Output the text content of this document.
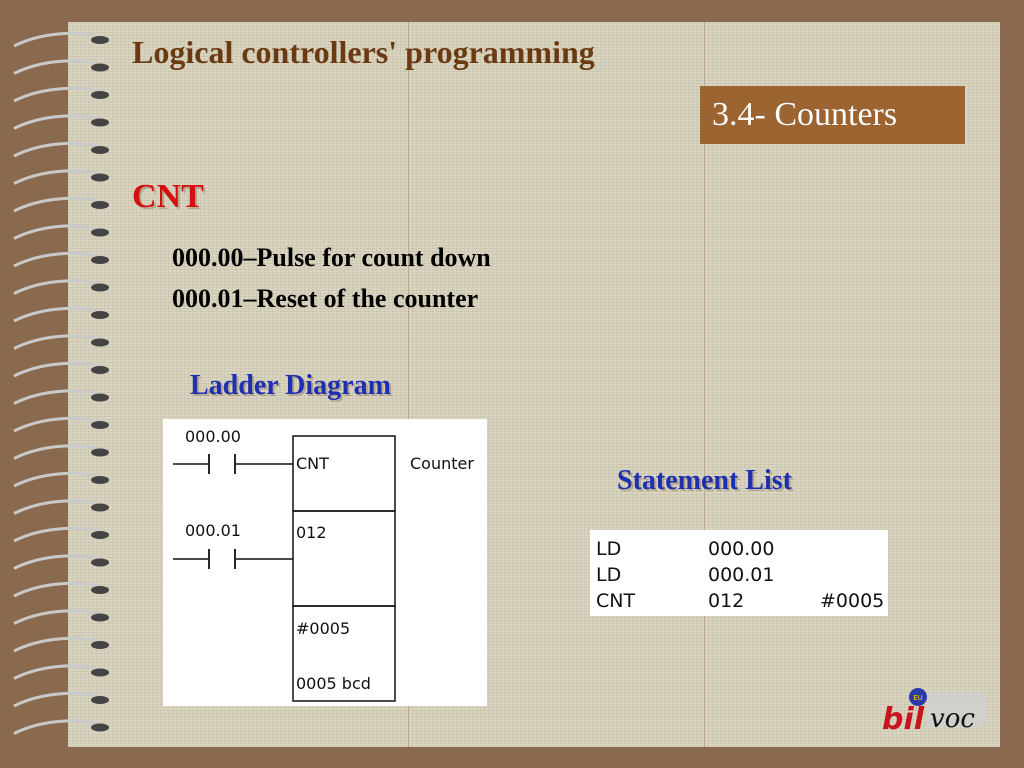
Logical controllers' programming
3.4- Counters
CNT
000.00–Pulse for count down
000.01–Reset of the counter
Ladder Diagram
000.00
000.01
CNT	Counter
012
#0005
0005 bcd
Statement List
LD	000.00
LD	000.01
CNT	012	#0005
EU
bil voc
